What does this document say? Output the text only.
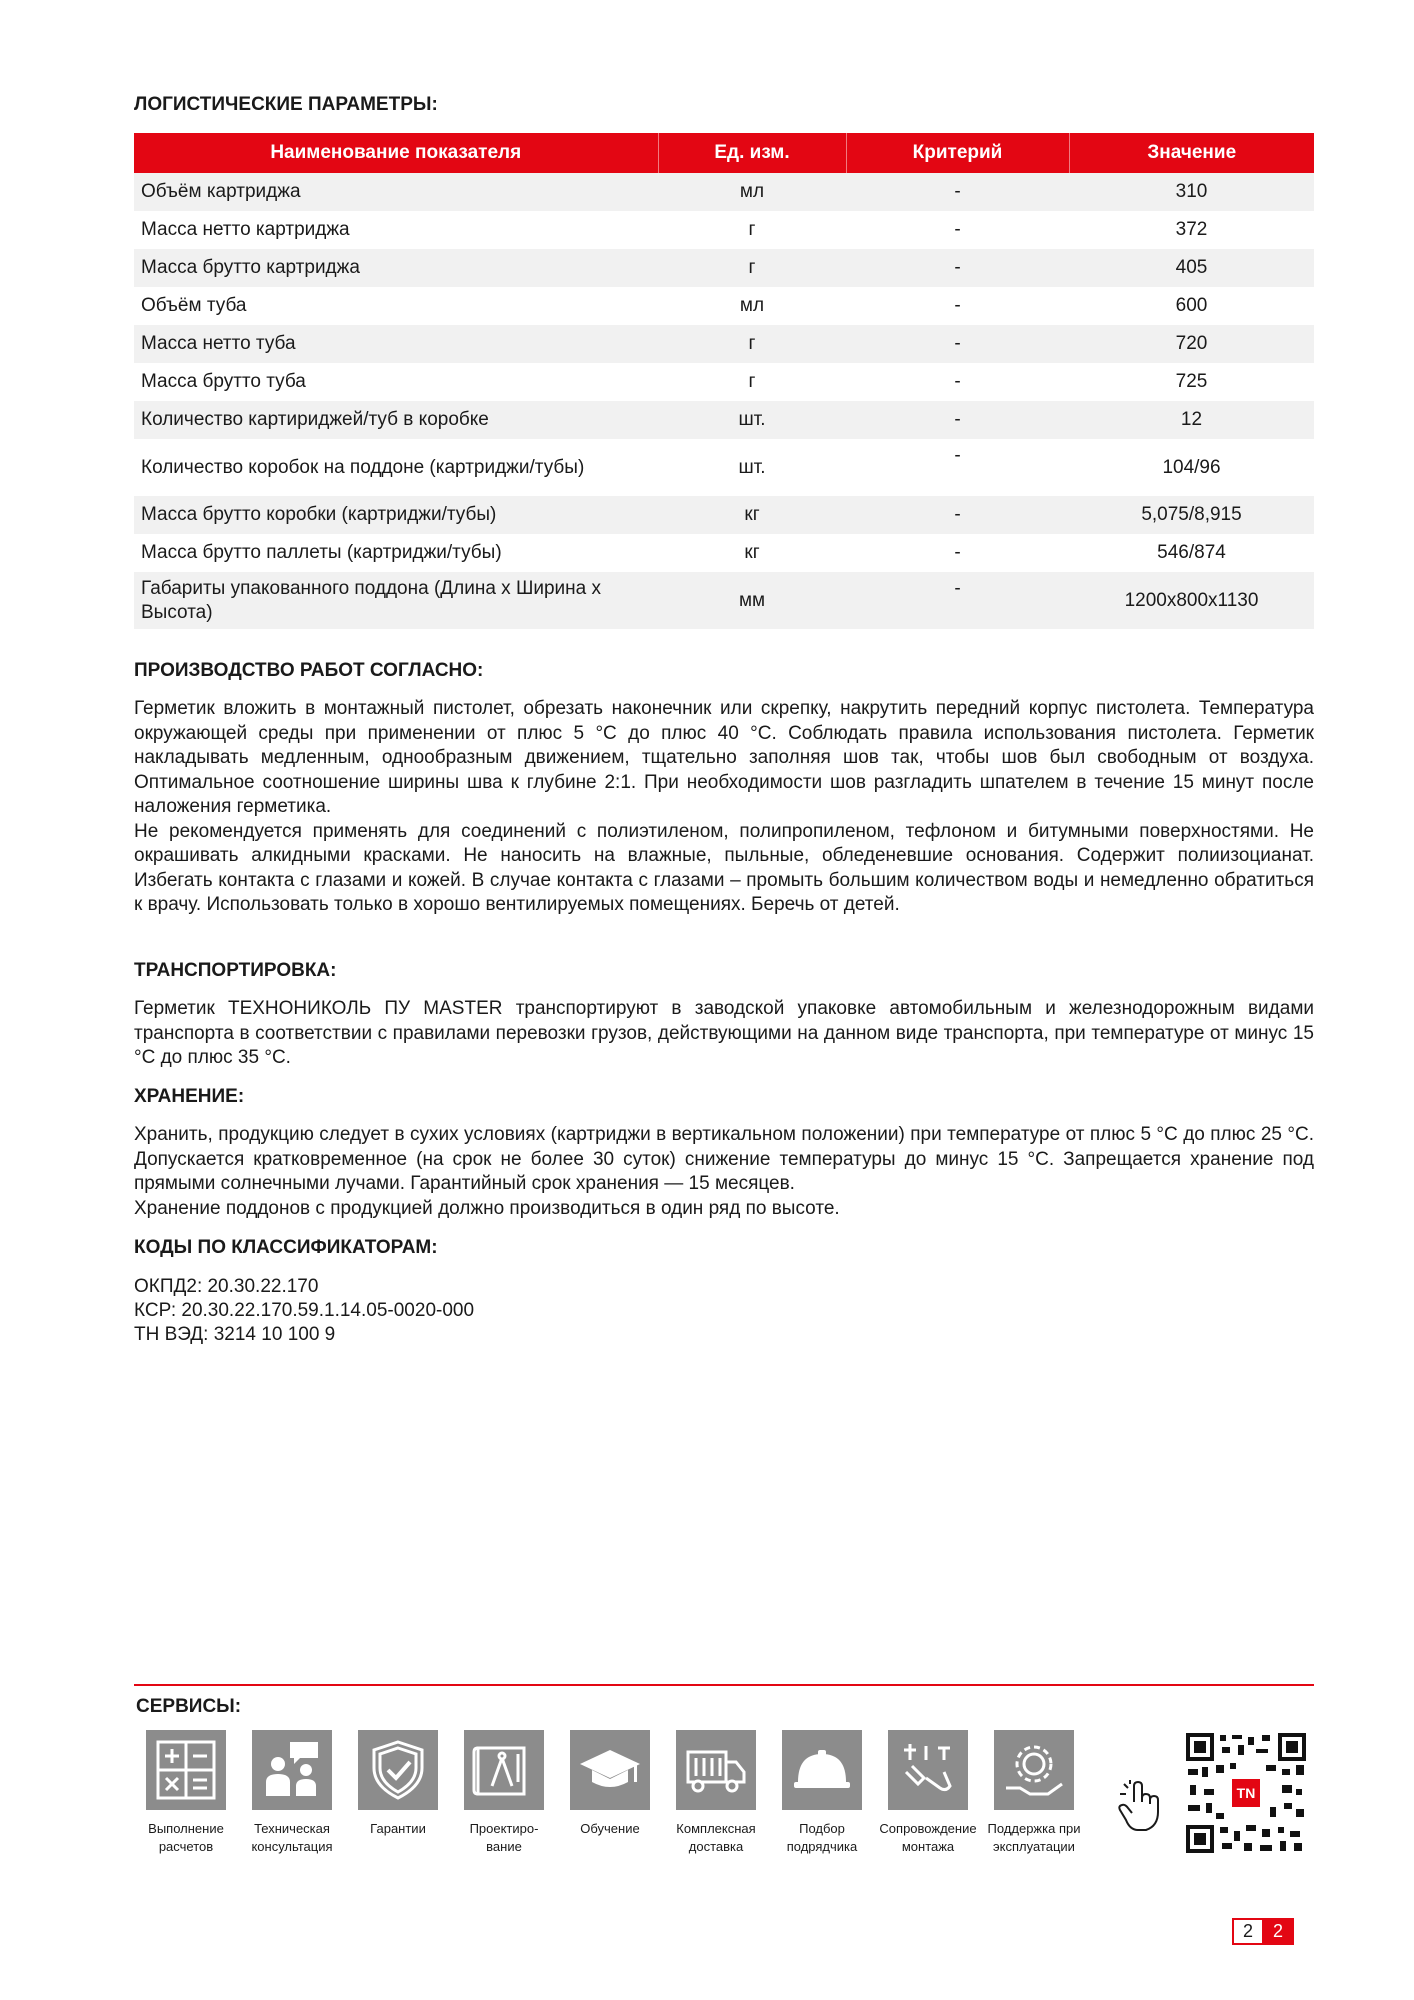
ЛОГИСТИЧЕСКИЕ ПАРАМЕТРЫ:
Наименование показателя	Ед. изм.	Критерий	Значение
Объём картриджа	мл	-	310
Масса нетто картриджа	г	-	372
Масса брутто картриджа	г	-	405
Объём туба	мл	-	600
Масса нетто туба	г	-	720
Масса брутто туба	г	-	725
Количество картириджей/туб в коробке	шт.	-	12
Количество коробок на поддоне (картриджи/тубы)	шт.	-	104/96
Масса брутто коробки (картриджи/тубы)	кг	-	5,075/8,915
Масса брутто паллеты (картриджи/тубы)	кг	-	546/874
Габариты упакованного поддона (Длина х Ширина х Высота)	мм	-	1200х800х1130
ПРОИЗВОДСТВО РАБОТ СОГЛАСНО:

Герметик вложить в монтажный пистолет, обрезать наконечник или скрепку, накрутить передний корпус пистолета. Температура окружающей среды при применении от плюс 5 °С до плюс 40 °С. Соблюдать правила использования пистолета. Герметик накладывать медленным, однообразным движением, тщательно заполняя шов так, чтобы шов был свободным от воздуха. Оптимальное соотношение ширины шва к глубине 2:1. При необходимости шов разгладить шпателем в течение 15 минут после наложения герметика.

Не рекомендуется применять для соединений с полиэтиленом, полипропиленом, тефлоном и битумными поверхностями. Не окрашивать алкидными красками. Не наносить на влажные, пыльные, обледеневшие основания. Содержит полиизоцианат. Избегать контакта с глазами и кожей. В случае контакта с глазами – промыть большим количеством воды и немедленно обратиться к врачу. Использовать только в хорошо вентилируемых помещениях. Беречь от детей.

ТРАНСПОРТИРОВКА:

Герметик ТЕХНОНИКОЛЬ ПУ MASTER транспортируют в заводской упаковке автомобильным и железнодорожным видами транспорта в соответствии с правилами перевозки грузов, действующими на данном виде транспорта, при температуре от минус 15 °С до плюс 35 °С.

ХРАНЕНИЕ:

Хранить, продукцию следует в сухих условиях (картриджи в вертикальном положении) при температуре от плюс 5 °С до плюс 25 °С. Допускается кратковременное (на срок не более 30 суток) снижение температуры до минус 15 °С. Запрещается хранение под прямыми солнечными лучами. Гарантийный срок хранения — 15 месяцев.

Хранение поддонов с продукцией должно производиться в один ряд по высоте.

КОДЫ ПО КЛАССИФИКАТОРАМ:
ОКПД2: 20.30.22.170
КСР: 20.30.22.170.59.1.14.05-0020-000
ТН ВЭД: 3214 10 100 9
СЕРВИСЫ:
Выполнение
расчетов
Техническая
консультация
Гарантии	Проектиро-
вание
Обучение	Комплексная
доставка
Подбор
подрядчика
Сопровождение
монтажа
Поддержка при
эксплуатации
TN
2	2
